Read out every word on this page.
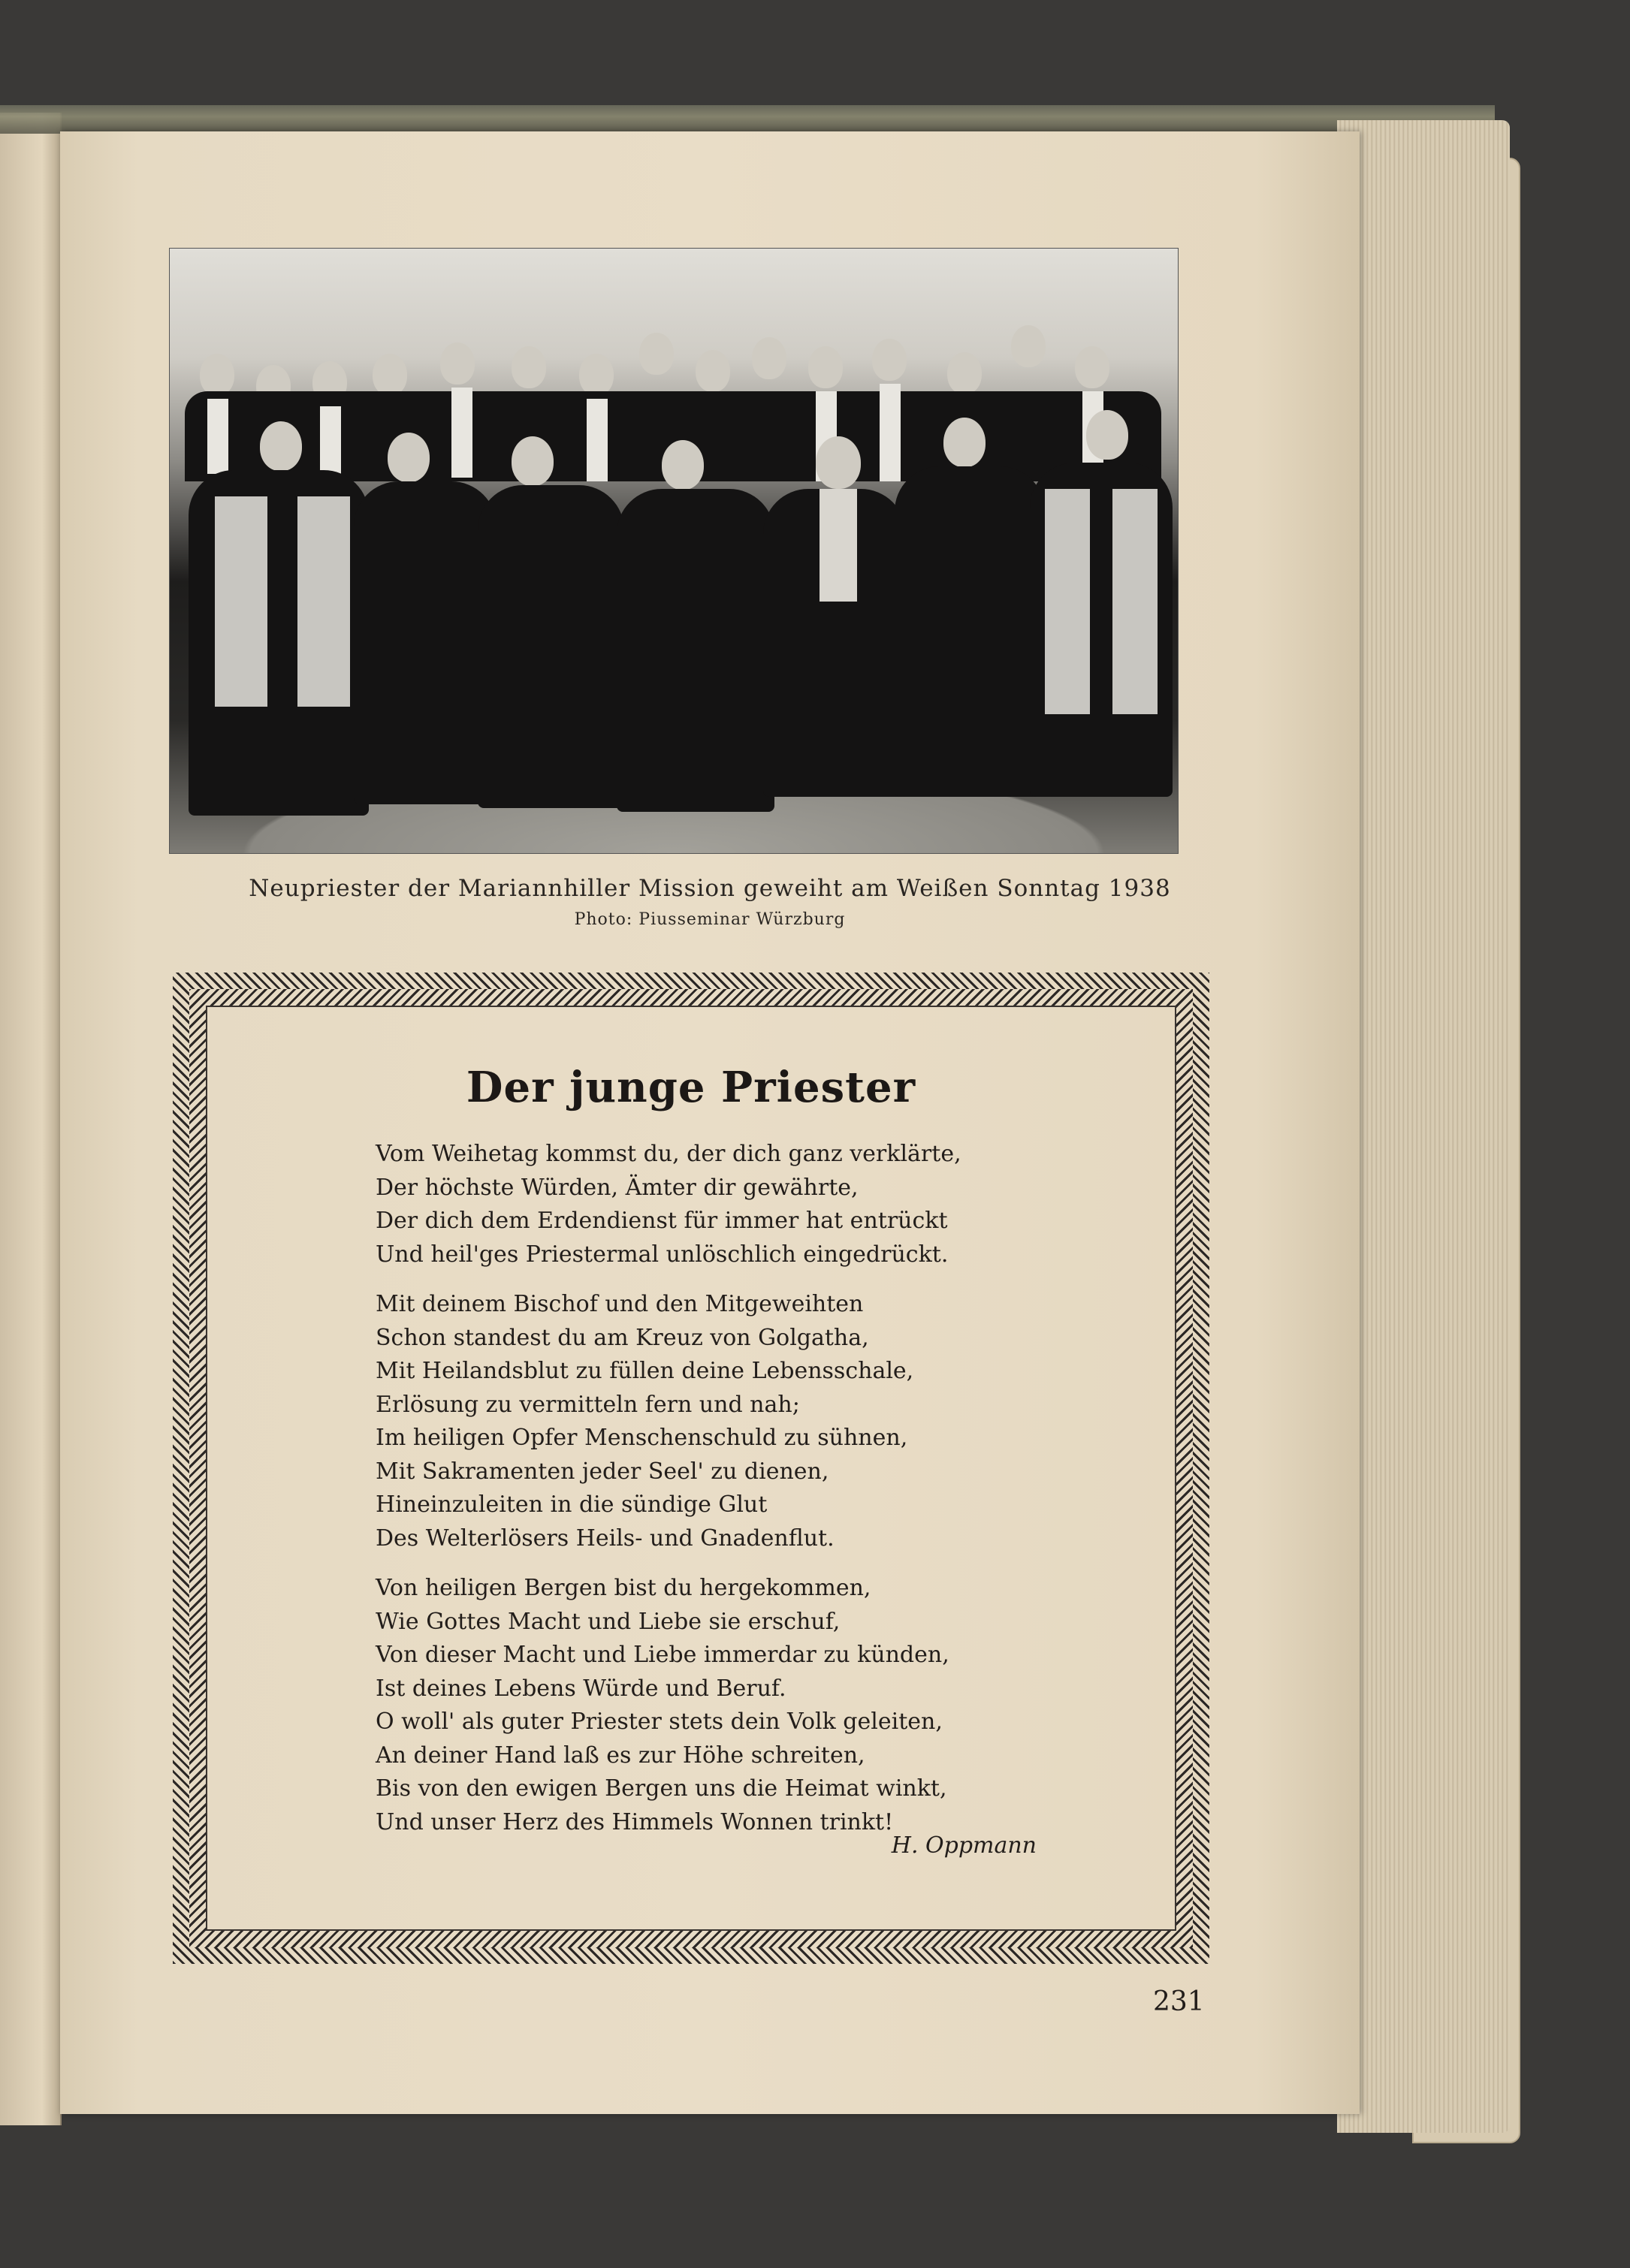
Neupriester der Mariannhiller Mission geweiht am Weißen Sonntag 1938
Photo: Piusseminar Würzburg
Der junge Priester
Vom Weihetag kommst du, der dich ganz verklärte,
Der höchste Würden, Ämter dir gewährte,
Der dich dem Erdendienst für immer hat entrückt
Und heil'ges Priestermal unlöschlich eingedrückt.
Mit deinem Bischof und den Mitgeweihten
Schon standest du am Kreuz von Golgatha,
Mit Heilandsblut zu füllen deine Lebensschale,
Erlösung zu vermitteln fern und nah;
Im heiligen Opfer Menschenschuld zu sühnen,
Mit Sakramenten jeder Seel' zu dienen,
Hineinzuleiten in die sündige Glut
Des Welterlösers Heils- und Gnadenflut.
Von heiligen Bergen bist du hergekommen,
Wie Gottes Macht und Liebe sie erschuf,
Von dieser Macht und Liebe immerdar zu künden,
Ist deines Lebens Würde und Beruf.
O woll' als guter Priester stets dein Volk geleiten,
An deiner Hand laß es zur Höhe schreiten,
Bis von den ewigen Bergen uns die Heimat winkt,
Und unser Herz des Himmels Wonnen trinkt!
H. Oppmann
231
